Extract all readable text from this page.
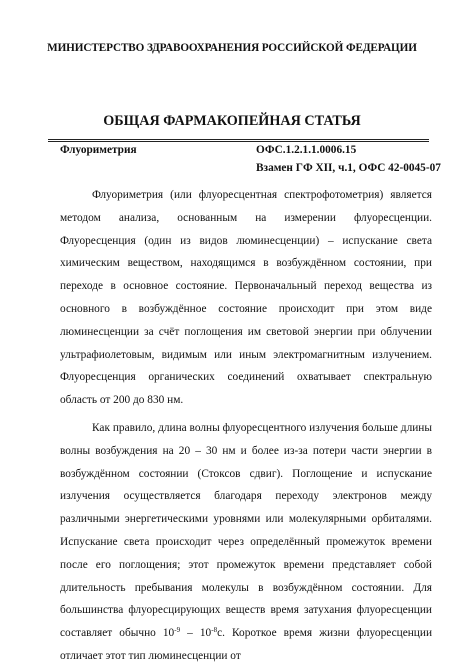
МИНИСТЕРСТВО ЗДРАВООХРАНЕНИЯ РОССИЙСКОЙ ФЕДЕРАЦИИ
ОБЩАЯ ФАРМАКОПЕЙНАЯ СТАТЬЯ
Флуориметрия	ОФС.1.2.1.1.0006.15
Взамен ГФ XII, ч.1, ОФС 42-0045-07

Флуориметрия (или флуоресцентная спектрофотометрия) является методом анализа, основанным на измерении флуоресценции. Флуоресценция (один из видов люминесценции) – испускание света химическим веществом, находящимся в возбуждённом состоянии, при переходе в основное состояние. Первоначальный переход вещества из основного в возбуждённое состояние происходит при этом виде люминесценции за счёт поглощения им световой энергии при облучении ультрафиолетовым, видимым или иным электромагнитным излучением. Флуоресценция органических соединений охватывает спектральную область от 200 до 830 нм.

Как правило, длина волны флуоресцентного излучения больше длины волны возбуждения на 20 – 30 нм и более из-за потери части энергии в возбуждённом состоянии (Стоксов сдвиг). Поглощение и испускание излучения осуществляется благодаря переходу электронов между различными энергетическими уровнями или молекулярными орбиталями. Испускание света происходит через определённый промежуток времени после его поглощения; этот промежуток времени представляет собой длительность пребывания молекулы в возбуждённом состоянии. Для большинства флуоресцирующих веществ время затухания флуоресценции составляет обычно $10^{-9} - 10^{-8}с$. Короткое время жизни флуоресценции отличает этот тип люминесценции от
